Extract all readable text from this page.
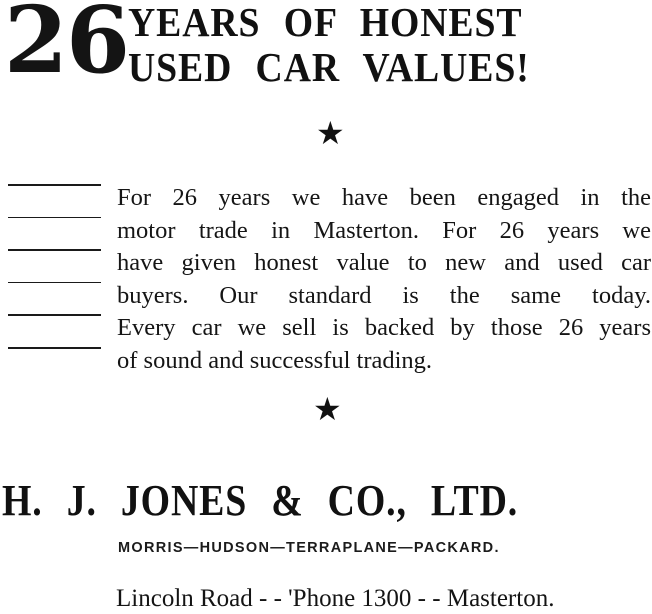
26 YEARS OF HONEST
USED CAR VALUES!
★
For 26 years we have been engaged in the
motor trade in Masterton. For 26 years we
have given honest value to new and used car
buyers. Our standard is the same today.
Every car we sell is backed by those 26 years
of sound and successful trading.
★
H. J. JONES & CO., LTD.
MORRIS—HUDSON—TERRAPLANE—PACKARD.
Lincoln Road - - 'Phone 1300 - - Masterton.
